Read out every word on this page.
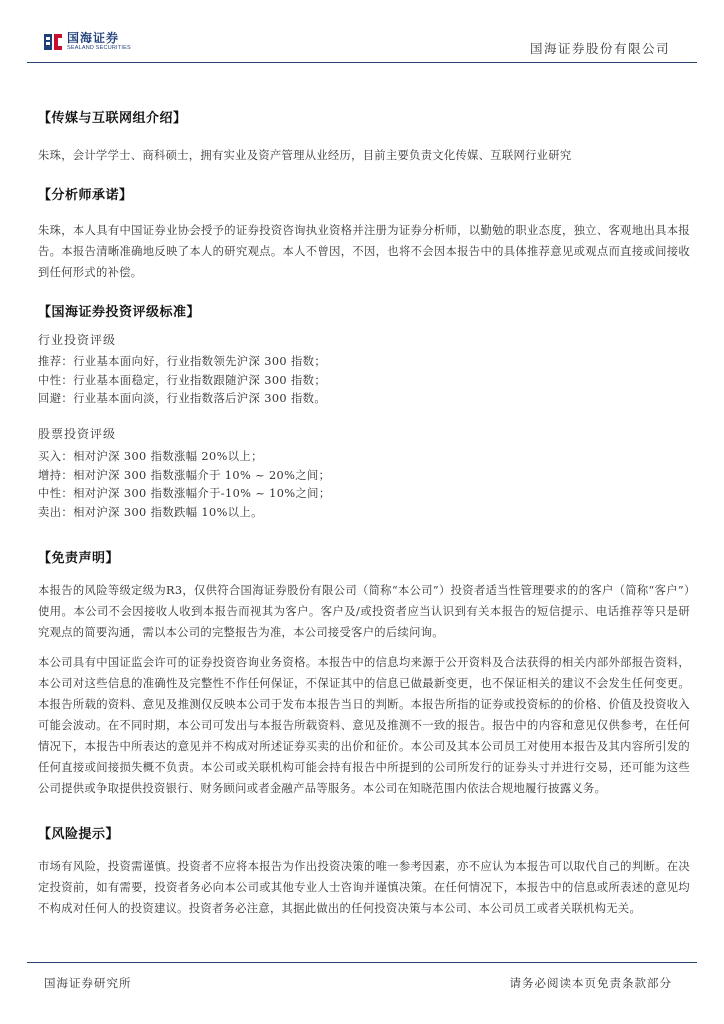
国海证券
SEALAND SECURITIES	国海证券股份有限公司
【传媒与互联网组介绍】
朱珠，会计学学士、商科硕士，拥有实业及资产管理从业经历，目前主要负责文化传媒、互联网行业研究
【分析师承诺】
朱珠，本人具有中国证券业协会授予的证券投资咨询执业资格并注册为证券分析师，以勤勉的职业态度，独立、客观地出具本报告。本报告清晰准确地反映了本人的研究观点。本人不曾因，不因，也将不会因本报告中的具体推荐意见或观点而直接或间接收到任何形式的补偿。
【国海证券投资评级标准】
行业投资评级
推荐：行业基本面向好，行业指数领先沪深 300 指数；
中性：行业基本面稳定，行业指数跟随沪深 300 指数；
回避：行业基本面向淡，行业指数落后沪深 300 指数。
股票投资评级
买入：相对沪深 300 指数涨幅 20%以上；
增持：相对沪深 300 指数涨幅介于 10% ~ 20%之间；
中性：相对沪深 300 指数涨幅介于-10% ~ 10%之间；
卖出：相对沪深 300 指数跌幅 10%以上。
【免责声明】
本报告的风险等级定级为R3，仅供符合国海证券股份有限公司（简称“本公司”）投资者适当性管理要求的的客户（简称“客户”）使用。本公司不会因接收人收到本报告而视其为客户。客户及/或投资者应当认识到有关本报告的短信提示、电话推荐等只是研究观点的简要沟通，需以本公司的完整报告为准，本公司接受客户的后续问询。
本公司具有中国证监会许可的证券投资咨询业务资格。本报告中的信息均来源于公开资料及合法获得的相关内部外部报告资料，本公司对这些信息的准确性及完整性不作任何保证，不保证其中的信息已做最新变更，也不保证相关的建议不会发生任何变更。本报告所载的资料、意见及推测仅反映本公司于发布本报告当日的判断。本报告所指的证券或投资标的的价格、价值及投资收入可能会波动。在不同时期，本公司可发出与本报告所载资料、意见及推测不一致的报告。报告中的内容和意见仅供参考，在任何情况下，本报告中所表达的意见并不构成对所述证券买卖的出价和征价。本公司及其本公司员工对使用本报告及其内容所引发的任何直接或间接损失概不负责。本公司或关联机构可能会持有报告中所提到的公司所发行的证券头寸并进行交易，还可能为这些公司提供或争取提供投资银行、财务顾问或者金融产品等服务。本公司在知晓范围内依法合规地履行披露义务。
【风险提示】
市场有风险，投资需谨慎。投资者不应将本报告为作出投资决策的唯一参考因素，亦不应认为本报告可以取代自己的判断。在决定投资前，如有需要，投资者务必向本公司或其他专业人士咨询并谨慎决策。在任何情况下，本报告中的信息或所表述的意见均不构成对任何人的投资建议。投资者务必注意，其据此做出的任何投资决策与本公司、本公司员工或者关联机构无关。
国海证券研究所	请务必阅读本页免责条款部分
